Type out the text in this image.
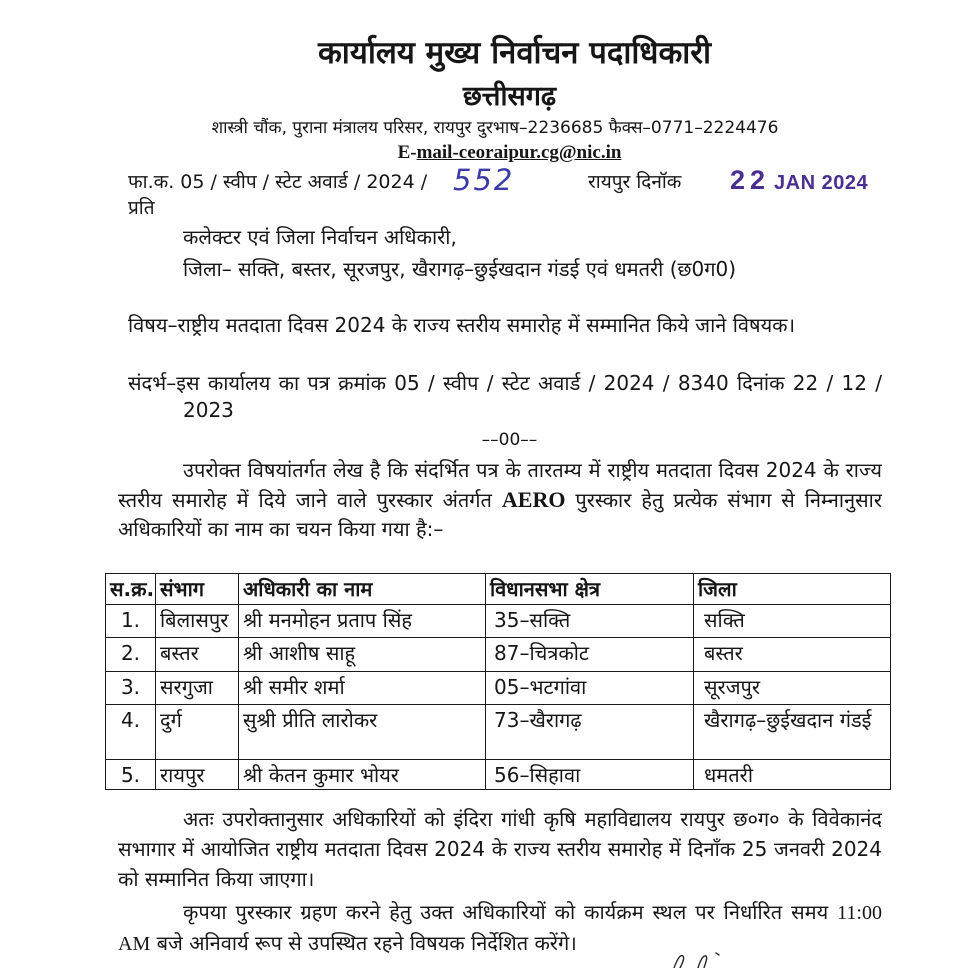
कार्यालय मुख्य निर्वाचन पदाधिकारी
छत्तीसगढ़
शास्त्री चौंक, पुराना मंत्रालय परिसर, रायपुर दुरभाष–2236685 फैक्स–0771–2224476
E-mail-ceoraipur.cg@nic.in
फा.क. 05 / स्वीप / स्टेट अवार्ड / 2024 / 552	रायपुर दिनॉक	22 JAN 2024
प्रति
कलेक्टर एवं जिला निर्वाचन अधिकारी,
जिला– सक्ति, बस्तर, सूरजपुर, खैरागढ़–छुईखदान गंडई एवं धमतरी (छ0ग0)

विषय–राष्ट्रीय मतदाता दिवस 2024 के राज्य स्तरीय समारोह में सम्मानित किये जाने विषयक।

संदर्भ–इस कार्यालय का पत्र क्रमांक 05 / स्वीप / स्टेट अवार्ड / 2024 / 8340 दिनांक 22 / 12 / 2023

––00––

उपरोक्त विषयांतर्गत लेख है कि संदर्भित पत्र के तारतम्य में राष्ट्रीय मतदाता दिवस 2024 के राज्य स्तरीय समारोह में दिये जाने वाले पुरस्कार अंतर्गत AERO पुरस्कार हेतु प्रत्येक संभाग से निम्नानुसार अधिकारियों का नाम का चयन किया गया है:–

स.क्र.	संभाग	अधिकारी का नाम	विधानसभा क्षेत्र	जिला
1.	बिलासपुर	श्री मनमोहन प्रताप सिंह	35–सक्ति	सक्ति
2.	बस्तर	श्री आशीष साहू	87–चित्रकोट	बस्तर
3.	सरगुजा	श्री समीर शर्मा	05–भटगांवा	सूरजपुर
4.	दुर्ग	सुश्री प्रीति लारोकर	73–खैरागढ़	खैरागढ़–छुईखदान गंडई
5.	रायपुर	श्री केतन कुमार भोयर	56–सिहावा	धमतरी

अतः उपरोक्तानुसार अधिकारियों को इंदिरा गांधी कृषि महाविद्यालय रायपुर छ०ग० के विवेकानंद सभागार में आयोजित राष्ट्रीय मतदाता दिवस 2024 के राज्य स्तरीय समारोह में दिनाँक 25 जनवरी 2024 को सम्मानित किया जाएगा।

कृपया पुरस्कार ग्रहण करने हेतु उक्त अधिकारियों को कार्यक्रम स्थल पर निर्धारित समय 11:00 AM बजे अनिवार्य रूप से उपस्थित रहने विषयक निर्देशित करेंगे।
